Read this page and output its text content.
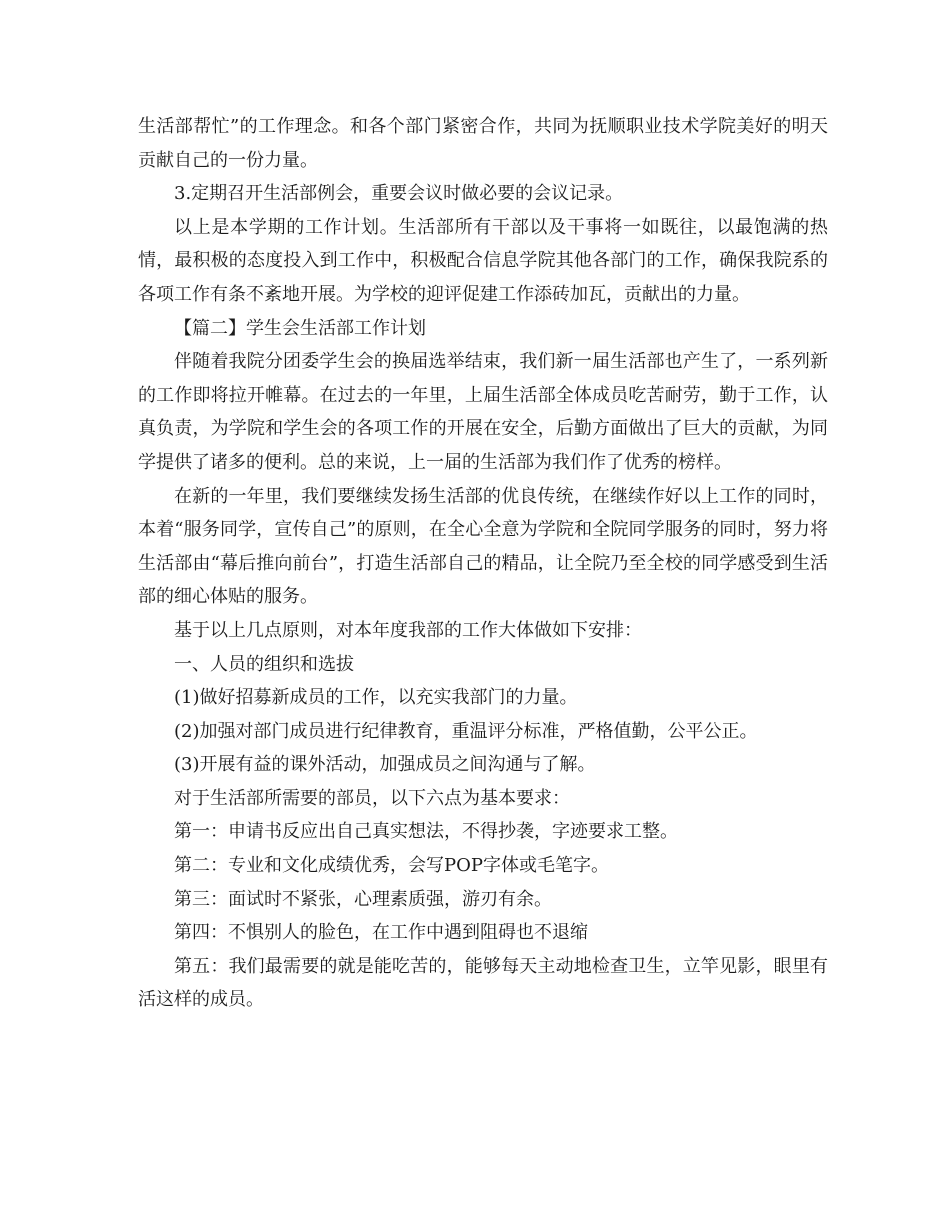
生活部帮忙”的工作理念。和各个部门紧密合作，共同为抚顺职业技术学院美好的明天贡献自己的一份力量。

3.定期召开生活部例会，重要会议时做必要的会议记录。

以上是本学期的工作计划。生活部所有干部以及干事将一如既往，以最饱满的热情，最积极的态度投入到工作中，积极配合信息学院其他各部门的工作，确保我院系的各项工作有条不紊地开展。为学校的迎评促建工作添砖加瓦，贡献出的力量。

【篇二】学生会生活部工作计划

伴随着我院分团委学生会的换届选举结束，我们新一届生活部也产生了，一系列新的工作即将拉开帷幕。在过去的一年里，上届生活部全体成员吃苦耐劳，勤于工作，认真负责，为学院和学生会的各项工作的开展在安全，后勤方面做出了巨大的贡献，为同学提供了诸多的便利。总的来说，上一届的生活部为我们作了优秀的榜样。

在新的一年里，我们要继续发扬生活部的优良传统，在继续作好以上工作的同时，本着“服务同学，宣传自己”的原则，在全心全意为学院和全院同学服务的同时，努力将生活部由“幕后推向前台”，打造生活部自己的精品，让全院乃至全校的同学感受到生活部的细心体贴的服务。

基于以上几点原则，对本年度我部的工作大体做如下安排：

一、人员的组织和选拔

(1)做好招募新成员的工作，以充实我部门的力量。

(2)加强对部门成员进行纪律教育，重温评分标准，严格值勤，公平公正。

(3)开展有益的课外活动，加强成员之间沟通与了解。

对于生活部所需要的部员，以下六点为基本要求：

第一：申请书反应出自己真实想法，不得抄袭，字迹要求工整。

第二：专业和文化成绩优秀，会写POP字体或毛笔字。

第三：面试时不紧张，心理素质强，游刃有余。

第四：不惧别人的脸色，在工作中遇到阻碍也不退缩

第五：我们最需要的就是能吃苦的，能够每天主动地检查卫生，立竿见影，眼里有活这样的成员。
